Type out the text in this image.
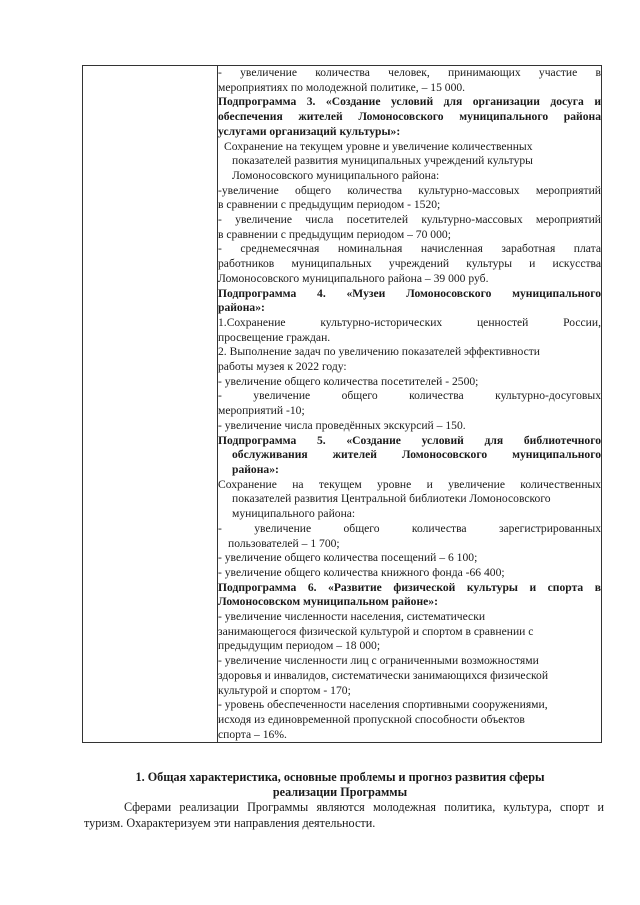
- увеличение количества человек, принимающих участие в
мероприятиях по молодежной политике, – 15 000.
Подпрограмма 3. «Создание условий для организации досуга и
обеспечения жителей Ломоносовского муниципального района
услугами организаций культуры»:
Сохранение на текущем уровне и увеличение количественных
показателей развития муниципальных учреждений культуры
Ломоносовского муниципального района:
-увеличение общего количества культурно-массовых мероприятий
в сравнении с предыдущим периодом - 1520;
- увеличение числа посетителей культурно-массовых мероприятий
в сравнении с предыдущим периодом – 70 000;
- среднемесячная номинальная начисленная заработная плата
работников муниципальных учреждений культуры и искусства
Ломоносовского муниципального района – 39 000 руб.
Подпрограмма 4. «Музеи Ломоносовского муниципального
района»:
1.Сохранение культурно-исторических ценностей России,
просвещение граждан.
2. Выполнение задач по увеличению показателей эффективности
работы музея к 2022 году:
- увеличение общего количества посетителей - 2500;
- увеличение общего количества культурно-досуговых
мероприятий -10;
- увеличение числа проведённых экскурсий – 150.
Подпрограмма 5. «Создание условий для библиотечного
обслуживания жителей Ломоносовского муниципального
района»:
Сохранение на текущем уровне и увеличение количественных
показателей развития Центральной библиотеки Ломоносовского
муниципального района:
- увеличение общего количества зарегистрированных
пользователей – 1 700;
- увеличение общего количества посещений – 6 100;
- увеличение общего количества книжного фонда -66 400;
Подпрограмма 6. «Развитие физической культуры и спорта в
Ломоносовском муниципальном районе»:
- увеличение численности населения, систематически
занимающегося физической культурой и спортом в сравнении с
предыдущим периодом – 18 000;
- увеличение численности лиц с ограниченными возможностями
здоровья и инвалидов, систематически занимающихся физической
культурой и спортом - 170;
- уровень обеспеченности населения спортивными сооружениями,
исходя из единовременной пропускной способности объектов
спорта – 16%.
1. Общая характеристика, основные проблемы и прогноз развития сферы
реализации Программы
Сферами реализации Программы являются молодежная политика, культура, спорт и
туризм. Охарактеризуем эти направления деятельности.
